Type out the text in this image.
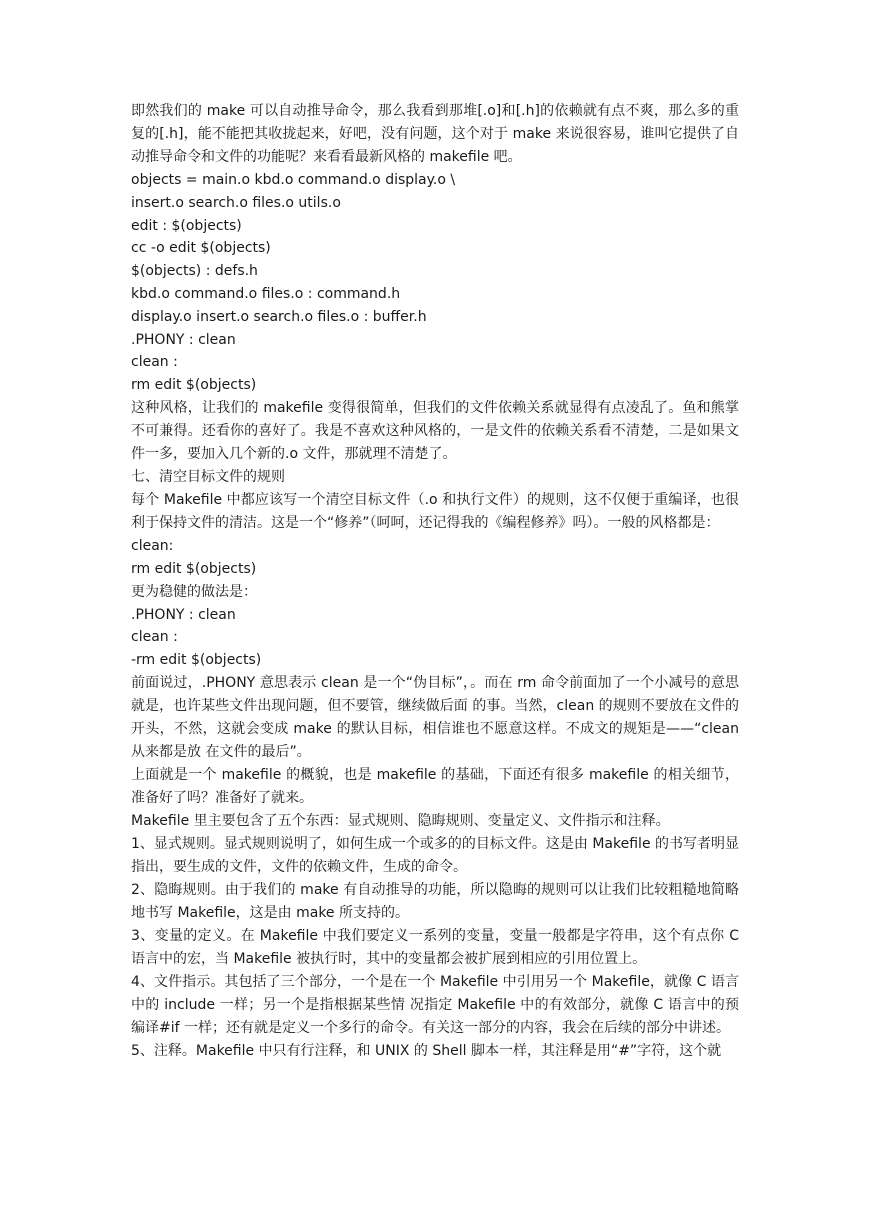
即然我们的 make 可以自动推导命令，那么我看到那堆[.o]和[.h]的依赖就有点不爽，那么多的重复的[.h]，能不能把其收拢起来，好吧，没有问题，这个对于 make 来说很容易，谁叫它提供了自动推导命令和文件的功能呢？来看看最新风格的 makefile 吧。

objects = main.o kbd.o command.o display.o \

insert.o search.o files.o utils.o

edit : $(objects)

cc -o edit $(objects)

$(objects) : defs.h

kbd.o command.o files.o : command.h

display.o insert.o search.o files.o : buffer.h

.PHONY : clean

clean :

rm edit $(objects)

这种风格，让我们的 makefile 变得很简单，但我们的文件依赖关系就显得有点凌乱了。鱼和熊掌不可兼得。还看你的喜好了。我是不喜欢这种风格的，一是文件的依赖关系看不清楚，二是如果文件一多，要加入几个新的.o 文件，那就理不清楚了。

七、清空目标文件的规则

每个 Makefile 中都应该写一个清空目标文件（.o 和执行文件）的规则，这不仅便于重编译，也很利于保持文件的清洁。这是一个“修养”（呵呵，还记得我的《编程修养》吗）。一般的风格都是：

clean:

rm edit $(objects)

更为稳健的做法是：

.PHONY : clean

clean :

-rm edit $(objects)

前面说过，.PHONY 意思表示 clean 是一个“伪目标”，。而在 rm 命令前面加了一个小减号的意思就是，也许某些文件出现问题，但不要管，继续做后面 的事。当然，clean 的规则不要放在文件的开头，不然，这就会变成 make 的默认目标，相信谁也不愿意这样。不成文的规矩是——“clean 从来都是放 在文件的最后”。

上面就是一个 makefile 的概貌，也是 makefile 的基础，下面还有很多 makefile 的相关细节，准备好了吗？准备好了就来。

Makefile 里主要包含了五个东西：显式规则、隐晦规则、变量定义、文件指示和注释。

1、显式规则。显式规则说明了，如何生成一个或多的的目标文件。这是由 Makefile 的书写者明显指出，要生成的文件，文件的依赖文件，生成的命令。

2、隐晦规则。由于我们的 make 有自动推导的功能，所以隐晦的规则可以让我们比较粗糙地简略地书写 Makefile，这是由 make 所支持的。

3、变量的定义。在 Makefile 中我们要定义一系列的变量，变量一般都是字符串，这个有点你 C 语言中的宏，当 Makefile 被执行时，其中的变量都会被扩展到相应的引用位置上。

4、文件指示。其包括了三个部分，一个是在一个 Makefile 中引用另一个 Makefile，就像 C 语言中的 include 一样；另一个是指根据某些情 况指定 Makefile 中的有效部分，就像 C 语言中的预编译#if 一样；还有就是定义一个多行的命令。有关这一部分的内容，我会在后续的部分中讲述。

5、注释。Makefile 中只有行注释，和 UNIX 的 Shell 脚本一样，其注释是用“#”字符，这个就
